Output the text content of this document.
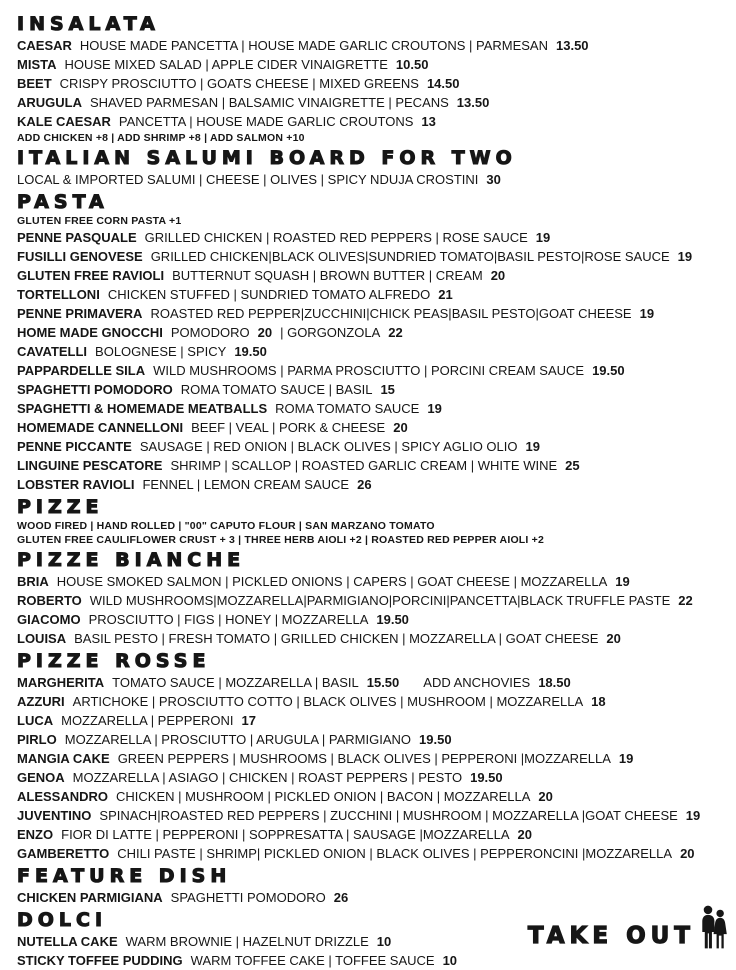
INSALATA

CAESAR HOUSE MADE PANCETTA | HOUSE MADE GARLIC CROUTONS | PARMESAN 13.50

MISTA HOUSE MIXED SALAD | APPLE CIDER VINAIGRETTE 10.50

BEET CRISPY PROSCIUTTO | GOATS CHEESE | MIXED GREENS 14.50

ARUGULA SHAVED PARMESAN | BALSAMIC VINAIGRETTE | PECANS 13.50

KALE CAESAR PANCETTA | HOUSE MADE GARLIC CROUTONS 13

ADD CHICKEN +8 | ADD SHRIMP +8 | ADD SALMON +10

ITALIAN SALUMI BOARD FOR TWO

LOCAL & IMPORTED SALUMI | CHEESE | OLIVES | SPICY NDUJA CROSTINI 30

PASTA

GLUTEN FREE CORN PASTA +1

PENNE PASQUALE GRILLED CHICKEN | ROASTED RED PEPPERS | ROSE SAUCE 19

FUSILLI GENOVESE GRILLED CHICKEN|BLACK OLIVES|SUNDRIED TOMATO|BASIL PESTO|ROSE SAUCE 19

GLUTEN FREE RAVIOLI BUTTERNUT SQUASH | BROWN BUTTER | CREAM 20

TORTELLONI CHICKEN STUFFED | SUNDRIED TOMATO ALFREDO 21

PENNE PRIMAVERA ROASTED RED PEPPER|ZUCCHINI|CHICK PEAS|BASIL PESTO|GOAT CHEESE 19

HOME MADE GNOCCHI POMODORO 20 | GORGONZOLA 22

CAVATELLI BOLOGNESE | SPICY 19.50

PAPPARDELLE SILA WILD MUSHROOMS | PARMA PROSCIUTTO | PORCINI CREAM SAUCE 19.50

SPAGHETTI POMODORO ROMA TOMATO SAUCE | BASIL 15

SPAGHETTI & HOMEMADE MEATBALLS ROMA TOMATO SAUCE 19

HOMEMADE CANNELLONI BEEF | VEAL | PORK & CHEESE 20

PENNE PICCANTE SAUSAGE | RED ONION | BLACK OLIVES | SPICY AGLIO OLIO 19

LINGUINE PESCATORE SHRIMP | SCALLOP | ROASTED GARLIC CREAM | WHITE WINE 25

LOBSTER RAVIOLI FENNEL | LEMON CREAM SAUCE 26

PIZZE

WOOD FIRED | HAND ROLLED | "00" CAPUTO FLOUR | SAN MARZANO TOMATO

GLUTEN FREE CAULIFLOWER CRUST + 3 | THREE HERB AIOLI +2 | ROASTED RED PEPPER AIOLI +2

PIZZE BIANCHE

BRIA HOUSE SMOKED SALMON | PICKLED ONIONS | CAPERS | GOAT CHEESE | MOZZARELLA 19

ROBERTO WILD MUSHROOMS|MOZZARELLA|PARMIGIANO|PORCINI|PANCETTA|BLACK TRUFFLE PASTE 22

GIACOMO PROSCIUTTO | FIGS | HONEY | MOZZARELLA 19.50

LOUISA BASIL PESTO | FRESH TOMATO | GRILLED CHICKEN | MOZZARELLA | GOAT CHEESE 20

PIZZE ROSSE

MARGHERITA TOMATO SAUCE | MOZZARELLA | BASIL 15.50 ADD ANCHOVIES 18.50

AZZURI ARTICHOKE | PROSCIUTTO COTTO | BLACK OLIVES | MUSHROOM | MOZZARELLA 18

LUCA MOZZARELLA | PEPPERONI 17

PIRLO MOZZARELLA | PROSCIUTTO | ARUGULA | PARMIGIANO 19.50

MANGIA CAKE GREEN PEPPERS | MUSHROOMS | BLACK OLIVES | PEPPERONI |MOZZARELLA 19

GENOA MOZZARELLA | ASIAGO | CHICKEN | ROAST PEPPERS | PESTO 19.50

ALESSANDRO CHICKEN | MUSHROOM | PICKLED ONION | BACON | MOZZARELLA 20

JUVENTINO SPINACH|ROASTED RED PEPPERS | ZUCCHINI | MUSHROOM | MOZZARELLA |GOAT CHEESE 19

ENZO FIOR DI LATTE | PEPPERONI | SOPPRESATTA | SAUSAGE |MOZZARELLA 20

GAMBERETTO CHILI PASTE | SHRIMP| PICKLED ONION | BLACK OLIVES | PEPPERONCINI |MOZZARELLA 20

FEATURE DISH

CHICKEN PARMIGIANA SPAGHETTI POMODORO 26

DOLCI

NUTELLA CAKE WARM BROWNIE | HAZELNUT DRIZZLE 10

STICKY TOFFEE PUDDING WARM TOFFEE CAKE | TOFFEE SAUCE 10

TAKE OUT
